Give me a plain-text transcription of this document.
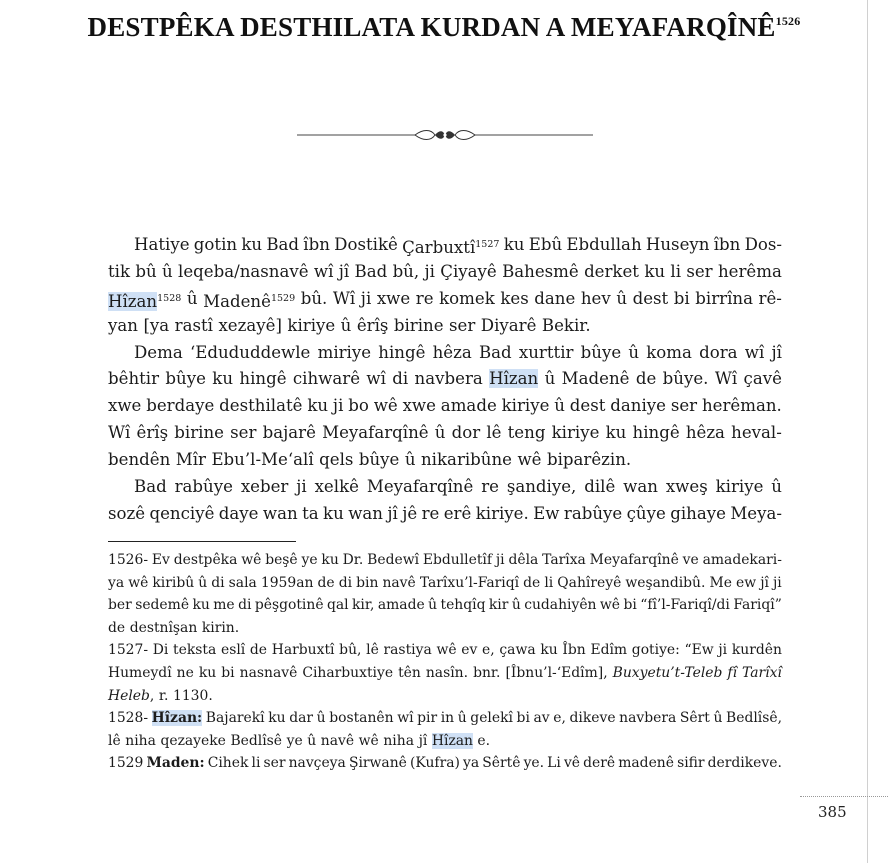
DESTPÊKA DESTHILATA KURDAN A $MEYAFARQÎNÊ^{1526}$
Hatiye gotin ku Bad îbn Dostikê Çarbuxtî$^{1527}$ ku Ebû Ebdullah Huseyn îbn Dos-
tik bû û leqeba/nasnavê wî jî Bad bû, ji Çiyayê Bahesmê derket ku li ser herêma
Hîzan$^{1528}$ û Madenê$^{1529}$ bû. Wî ji xwe re komek kes dane hev û dest bi birrîna rê-
yan [ya rastî xezayê] kiriye û êrîş birine ser Diyarê Bekir.
Dema ‘Edududdewle miriye hingê hêza Bad xurttir bûye û koma dora wî jî
bêhtir bûye ku hingê cihwarê wî di navbera Hîzan û Madenê de bûye. Wî çavê
xwe berdaye desthilatê ku ji bo wê xwe amade kiriye û dest daniye ser herêman.
Wî êrîş birine ser bajarê Meyafarqînê û dor lê teng kiriye ku hingê hêza heval-
bendên Mîr Ebu’l-Me‘alî qels bûye û nikaribûne wê biparêzin.
Bad rabûye xeber ji xelkê Meyafarqînê re şandiye, dilê wan xweş kiriye û
sozê qenciyê daye wan ta ku wan jî jê re erê kiriye. Ew rabûye çûye gihaye Meya-
1526- Ev destpêka wê beşê ye ku Dr. Bedewî Ebdulletîf ji dêla Tarîxa Meyafarqînê ve amadekari-
ya wê kiribû û di sala 1959an de di bin navê Tarîxu’l-Fariqî de li Qahîreyê weşandibû. Me ew jî ji
ber sedemê ku me di pêşgotinê qal kir, amade û tehqîq kir û cudahiyên wê bi “fî’l-Fariqî/di Fariqî”
de destnîşan kirin.
1527- Di teksta eslî de Harbuxtî bû, lê rastiya wê ev e, çawa ku Îbn Edîm gotiye: “Ew ji kurdên
Humeydî ne ku bi nasnavê Ciharbuxtiye tên nasîn. bnr. [Îbnu’l-‘Edîm], Buxyetu’t-Teleb fî Tarîxî
Heleb, r. 1130.
1528- Hîzan: Bajarekî ku dar û bostanên wî pir in û gelekî bi av e, dikeve navbera Sêrt û Bedlîsê,
lê niha qezayeke Bedlîsê ye û navê wê niha jî Hîzan e.
1529 Maden: Cihek li ser navçeya Şirwanê (Kufra) ya Sêrtê ye. Li vê derê madenê sifir derdikeve.
385
